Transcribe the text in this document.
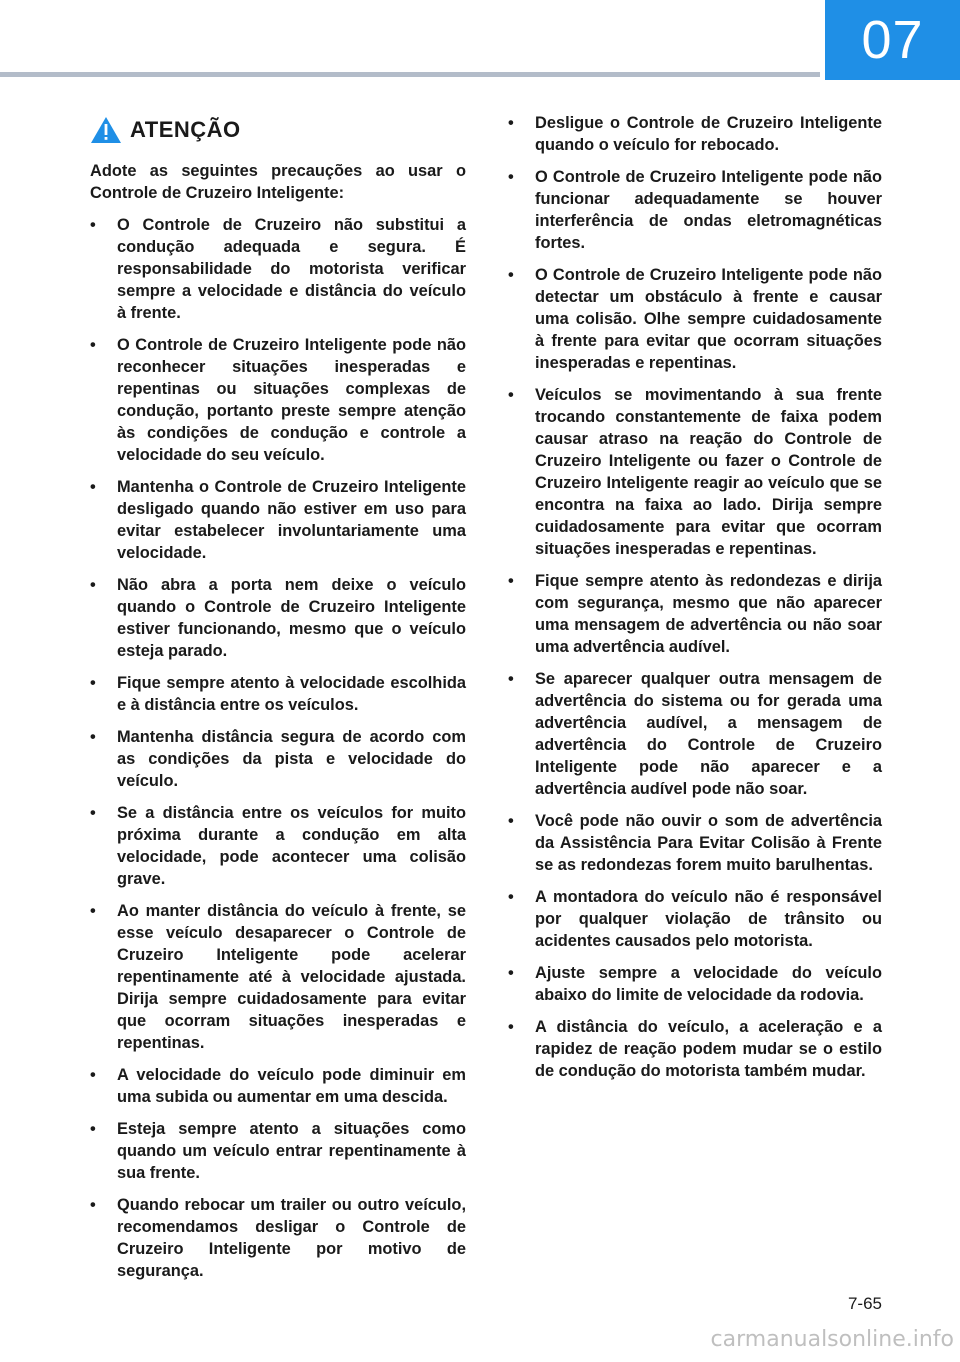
07
ATENÇÃO

Adote as seguintes precauções ao usar o Controle de Cruzeiro Inteligente:

• O Controle de Cruzeiro não substitui a condução adequada e segura. É responsabilidade do motorista verificar sempre a velocidade e distância do veículo à frente.
• O Controle de Cruzeiro Inteligente pode não reconhecer situações inesperadas e repentinas ou situações complexas de condução, portanto preste sempre atenção às condições de condução e controle a velocidade do seu veículo.
• Mantenha o Controle de Cruzeiro Inteligente desligado quando não estiver em uso para evitar estabelecer involuntariamente uma velocidade.
• Não abra a porta nem deixe o veículo quando o Controle de Cruzeiro Inteligente estiver funcionando, mesmo que o veículo esteja parado.
• Fique sempre atento à velocidade escolhida e à distância entre os veículos.
• Mantenha distância segura de acordo com as condições da pista e velocidade do veículo.
• Se a distância entre os veículos for muito próxima durante a condução em alta velocidade, pode acontecer uma colisão grave.
• Ao manter distância do veículo à frente, se esse veículo desaparecer o Controle de Cruzeiro Inteligente pode acelerar repentinamente até à velocidade ajustada. Dirija sempre cuidadosamente para evitar que ocorram situações inesperadas e repentinas.
• A velocidade do veículo pode diminuir em uma subida ou aumentar em uma descida.
• Esteja sempre atento a situações como quando um veículo entrar repentinamente à sua frente.
• Quando rebocar um trailer ou outro veículo, recomendamos desligar o Controle de Cruzeiro Inteligente por motivo de segurança.
• Desligue o Controle de Cruzeiro Inteligente quando o veículo for rebocado.
• O Controle de Cruzeiro Inteligente pode não funcionar adequadamente se houver interferência de ondas eletromagnéticas fortes.
• O Controle de Cruzeiro Inteligente pode não detectar um obstáculo à frente e causar uma colisão. Olhe sempre cuidadosamente à frente para evitar que ocorram situações inesperadas e repentinas.
• Veículos se movimentando à sua frente trocando constantemente de faixa podem causar atraso na reação do Controle de Cruzeiro Inteligente ou fazer o Controle de Cruzeiro Inteligente reagir ao veículo que se encontra na faixa ao lado. Dirija sempre cuidadosamente para evitar que ocorram situações inesperadas e repentinas.
• Fique sempre atento às redondezas e dirija com segurança, mesmo que não aparecer uma mensagem de advertência ou não soar uma advertência audível.
• Se aparecer qualquer outra mensagem de advertência do sistema ou for gerada uma advertência audível, a mensagem de advertência do Controle de Cruzeiro Inteligente pode não aparecer e a advertência audível pode não soar.
• Você pode não ouvir o som de advertência da Assistência Para Evitar Colisão à Frente se as redondezas forem muito barulhentas.
• A montadora do veículo não é responsável por qualquer violação de trânsito ou acidentes causados pelo motorista.
• Ajuste sempre a velocidade do veículo abaixo do limite de velocidade da rodovia.
• A distância do veículo, a aceleração e a rapidez de reação podem mudar se o estilo de condução do motorista também mudar.
7-65
carmanualsonline.info
